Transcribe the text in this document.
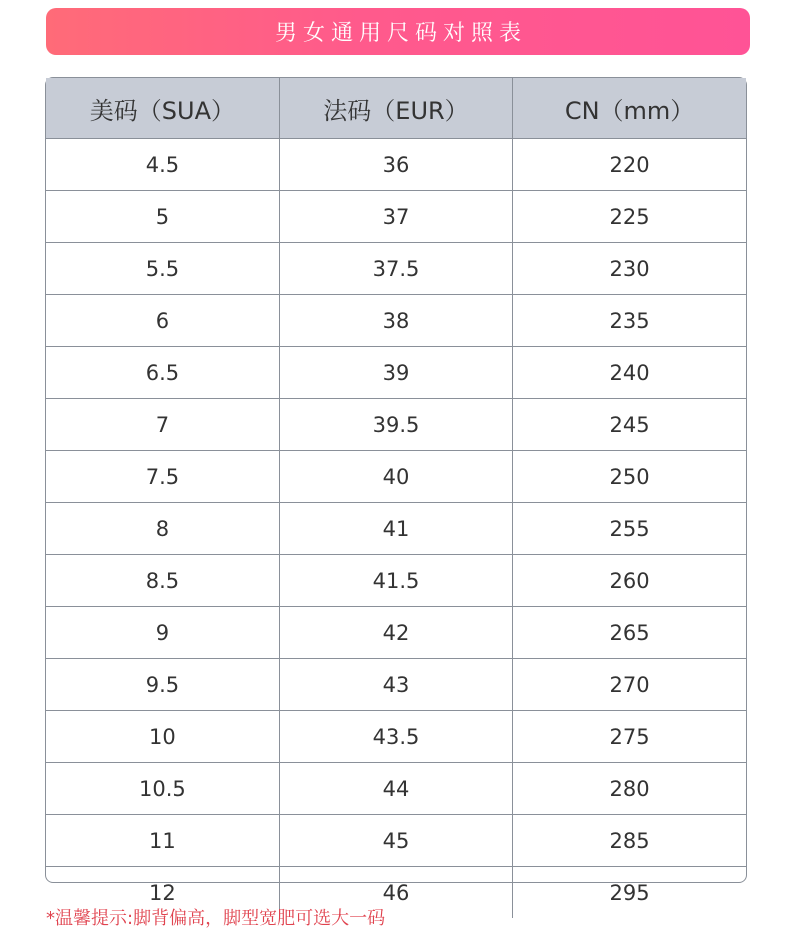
男女通用尺码对照表
美码（SUA）	法码（EUR）	CN（mm）
4.5	36	220
5	37	225
5.5	37.5	230
6	38	235
6.5	39	240
7	39.5	245
7.5	40	250
8	41	255
8.5	41.5	260
9	42	265
9.5	43	270
10	43.5	275
10.5	44	280
11	45	285
12	46	295
*温馨提示:脚背偏高，脚型宽肥可选大一码
